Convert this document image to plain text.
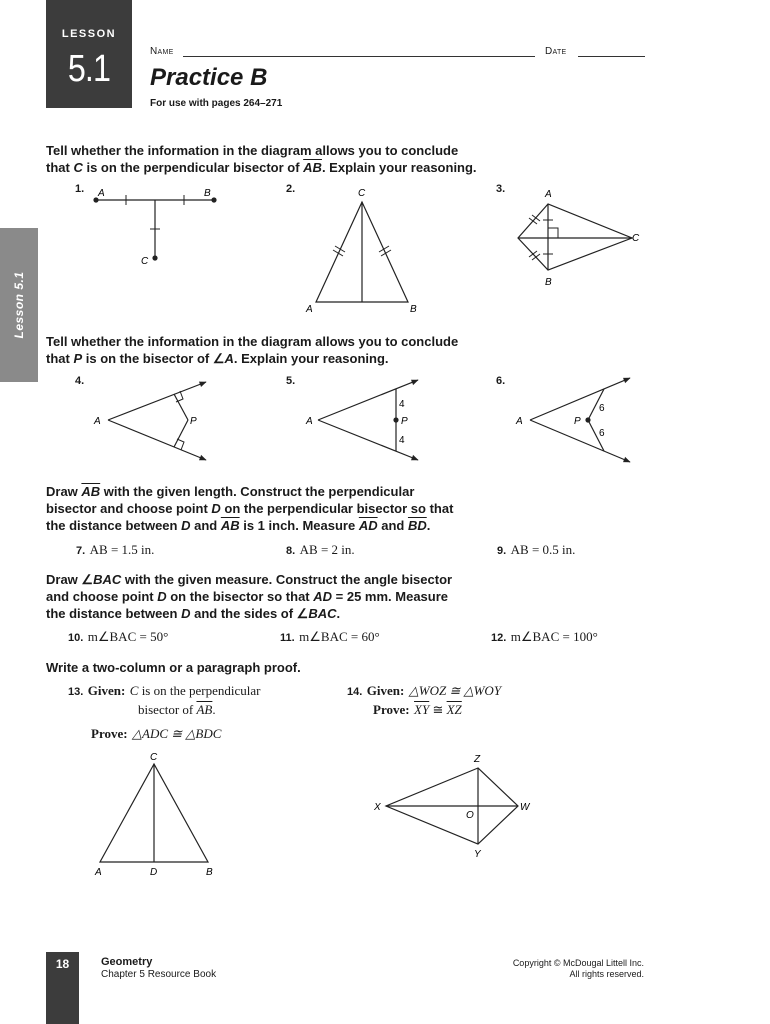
LESSON
5.1	Name	Date
Practice B
For use with pages 264–271
Lesson 5.1
Tell whether the information in the diagram allows you to conclude
that C is on the perpendicular bisector of $\overline{AB}$. Explain your reasoning.
1.	2.	3.
A	B
C
C
A	B
A
C
B
Tell whether the information in the diagram allows you to conclude
that P is on the bisector of ∠A. Explain your reasoning.
4.	5.	6.
A	P	A	P
4
4
A	P
6
6
Draw $\overline{AB}$ with the given length. Construct the perpendicular
bisector and choose point D on the perpendicular bisector so that
the distance between D and $\overline{AB}$ is 1 inch. Measure $\overline{AD}$ and $\overline{BD}$.
7. AB = 1.5 in.	8. AB = 2 in.	9. AB = 0.5 in.
Draw ∠BAC with the given measure. Construct the angle bisector
and choose point D on the bisector so that AD = 25 mm. Measure
the distance between D and the sides of ∠BAC.
10. m∠BAC = 50°	11. m∠BAC = 60°	12. m∠BAC = 100°
Write a two-column or a paragraph proof.
13. Given: C is on the perpendicular
bisector of $\overline{AB}$.
Prove: △ADC ≅ △BDC
14. Given: △WOZ ≅ △WOY
Prove: $\overline{XY}$ ≅ $\overline{XZ}$
C
A	D	B
Z
X	W
O
Y
18	Geometry
Chapter 5 Resource Book
Copyright © McDougal Littell Inc.
All rights reserved.
